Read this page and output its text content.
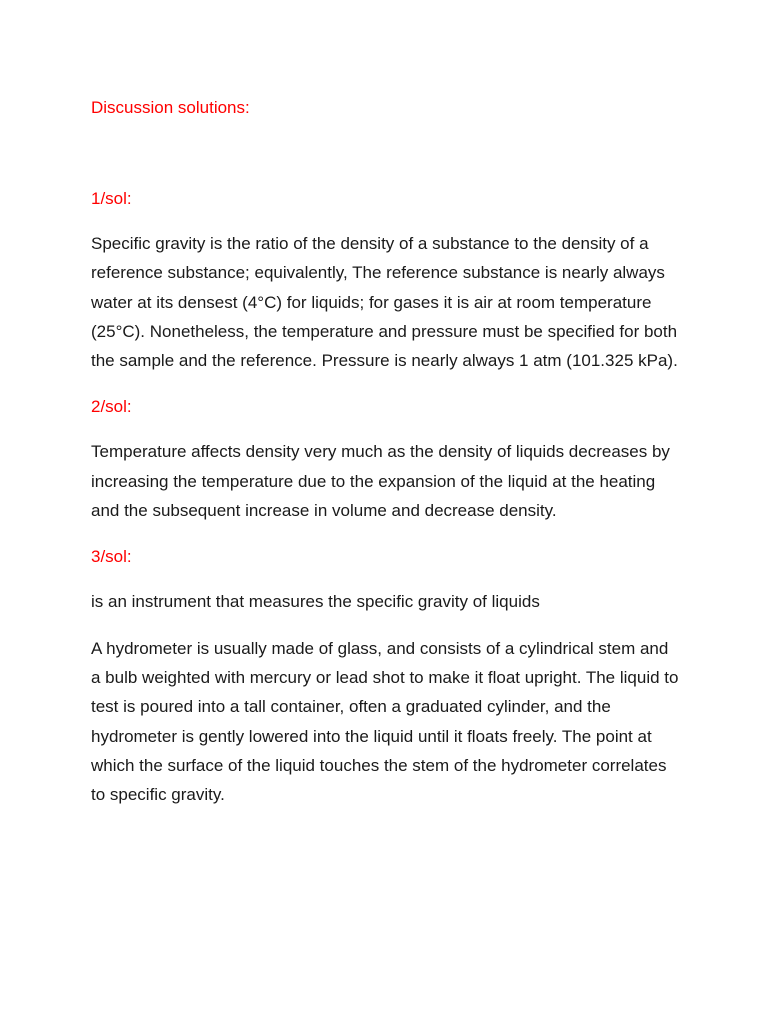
Discussion solutions:

1/sol:

Specific gravity is the ratio of the density of a substance to the density of a reference substance; equivalently, The reference substance is nearly always water at its densest (4°C) for liquids; for gases it is air at room temperature (25°C). Nonetheless, the temperature and pressure must be specified for both the sample and the reference. Pressure is nearly always 1 atm (101.325 kPa).

2/sol:

Temperature affects density very much as the density of liquids decreases by increasing the temperature due to the expansion of the liquid at the heating and the subsequent increase in volume and decrease density.

3/sol:

is an instrument that measures the specific gravity of liquids

A hydrometer is usually made of glass, and consists of a cylindrical stem and a bulb weighted with mercury or lead shot to make it float upright. The liquid to test is poured into a tall container, often a graduated cylinder, and the hydrometer is gently lowered into the liquid until it floats freely. The point at which the surface of the liquid touches the stem of the hydrometer correlates to specific gravity.
